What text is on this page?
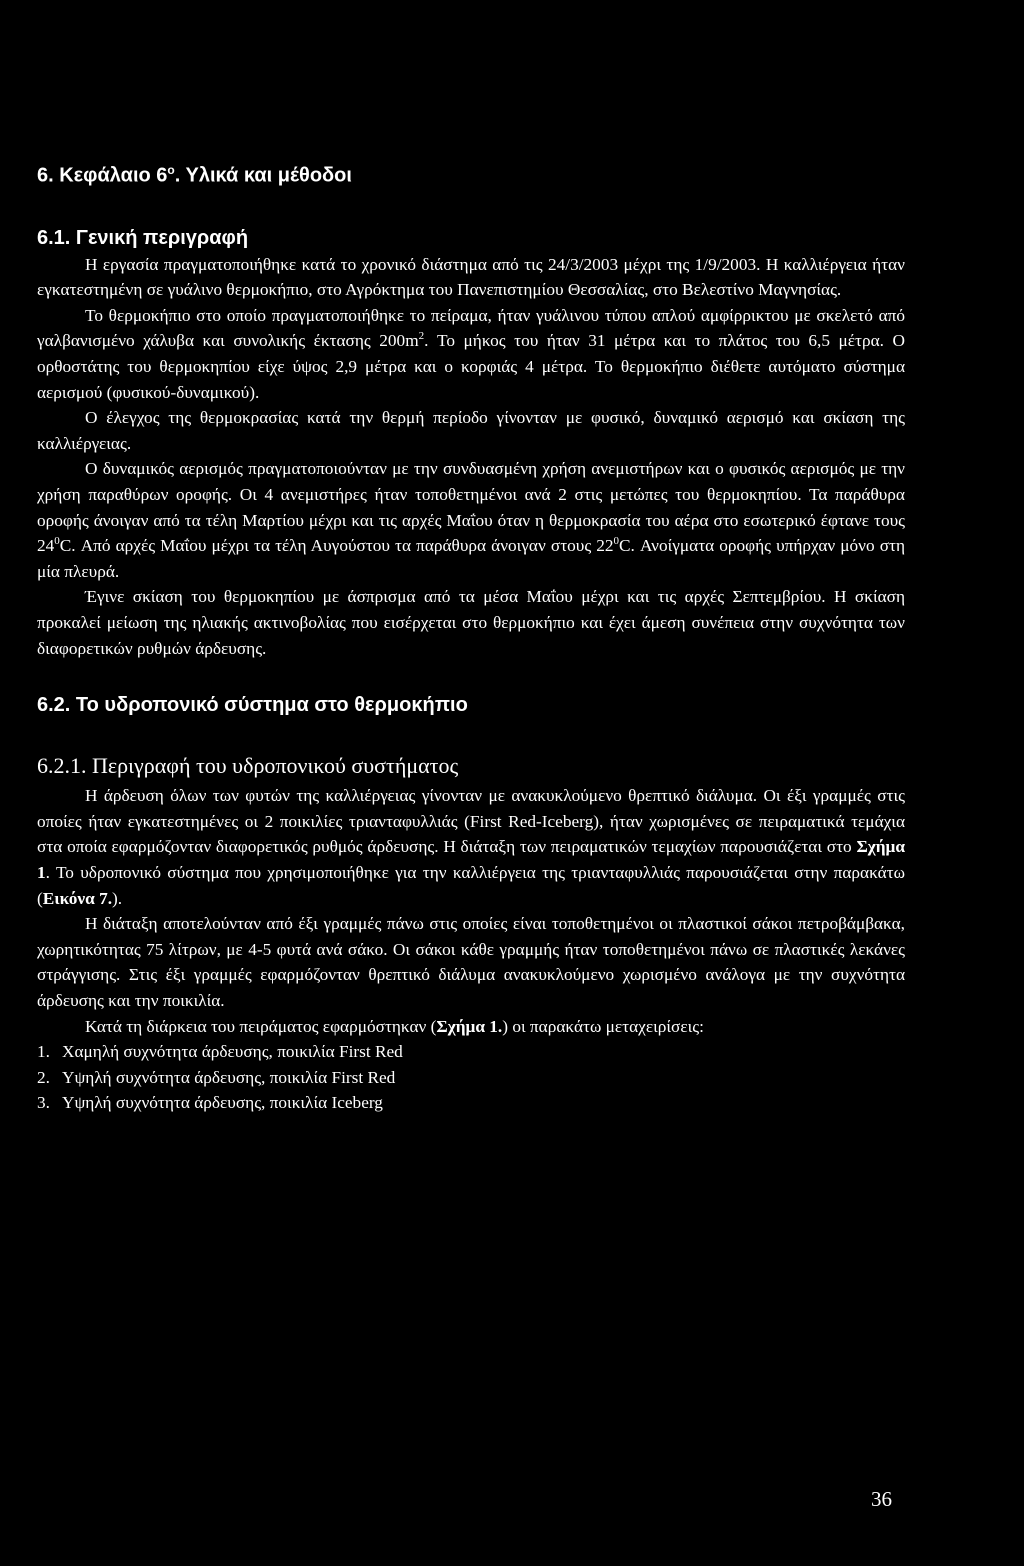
6. Κεφάλαιο $6^o$. Υλικά και μέθοδοι
6.1. Γενική περιγραφή

Η εργασία πραγματοποιήθηκε κατά το χρονικό διάστημα από τις 24/3/2003 μέχρι της 1/9/2003. Η καλλιέργεια ήταν εγκατεστημένη σε γυάλινο θερμοκήπιο, στο Αγρόκτημα του Πανεπιστημίου Θεσσαλίας, στο Βελεστίνο Μαγνησίας.

Το θερμοκήπιο στο οποίο πραγματοποιήθηκε το πείραμα, ήταν γυάλινου τύπου απλού αμφίρρικτου με σκελετό από γαλβανισμένο χάλυβα και συνολικής έκτασης $200m^2$. Το μήκος του ήταν 31 μέτρα και το πλάτος του 6,5 μέτρα. Ο ορθοστάτης του θερμοκηπίου είχε ύψος 2,9 μέτρα και ο κορφιάς 4 μέτρα. Το θερμοκήπιο διέθετε αυτόματο σύστημα αερισμού (φυσικού-δυναμικού).

Ο έλεγχος της θερμοκρασίας κατά την θερμή περίοδο γίνονταν με φυσικό, δυναμικό αερισμό και σκίαση της καλλιέργειας.

Ο δυναμικός αερισμός πραγματοποιούνταν με την συνδυασμένη χρήση ανεμιστήρων και ο φυσικός αερισμός με την χρήση παραθύρων οροφής. Οι 4 ανεμιστήρες ήταν τοποθετημένοι ανά 2 στις μετώπες του θερμοκηπίου. Τα παράθυρα οροφής άνοιγαν από τα τέλη Μαρτίου μέχρι και τις αρχές Μαΐου όταν η θερμοκρασία του αέρα στο εσωτερικό έφτανε τους $24^0C$. Από αρχές Μαΐου μέχρι τα τέλη Αυγούστου τα παράθυρα άνοιγαν στους $22^0C$. Ανοίγματα οροφής υπήρχαν μόνο στη μία πλευρά.

Έγινε σκίαση του θερμοκηπίου με άσπρισμα από τα μέσα Μαΐου μέχρι και τις αρχές Σεπτεμβρίου. Η σκίαση προκαλεί μείωση της ηλιακής ακτινοβολίας που εισέρχεται στο θερμοκήπιο και έχει άμεση συνέπεια στην συχνότητα των διαφορετικών ρυθμών άρδευσης.

6.2. Το υδροπονικό σύστημα στο θερμοκήπιο
6.2.1. Περιγραφή του υδροπονικού συστήματος

Η άρδευση όλων των φυτών της καλλιέργειας γίνονταν με ανακυκλούμενο θρεπτικό διάλυμα. Οι έξι γραμμές στις οποίες ήταν εγκατεστημένες οι 2 ποικιλίες τριανταφυλλιάς (First Red-Iceberg), ήταν χωρισμένες σε πειραματικά τεμάχια στα οποία εφαρμόζονταν διαφορετικός ρυθμός άρδευσης. Η διάταξη των πειραματικών τεμαχίων παρουσιάζεται στο Σχήμα 1. Το υδροπονικό σύστημα που χρησιμοποιήθηκε για την καλλιέργεια της τριανταφυλλιάς παρουσιάζεται στην παρακάτω (Εικόνα 7.).

Η διάταξη αποτελούνταν από έξι γραμμές πάνω στις οποίες είναι τοποθετημένοι οι πλαστικοί σάκοι πετροβάμβακα, χωρητικότητας 75 λίτρων, με 4-5 φυτά ανά σάκο. Οι σάκοι κάθε γραμμής ήταν τοποθετημένοι πάνω σε πλαστικές λεκάνες στράγγισης. Στις έξι γραμμές εφαρμόζονταν θρεπτικό διάλυμα ανακυκλούμενο χωρισμένο ανάλογα με την συχνότητα άρδευσης και την ποικιλία.

Κατά τη διάρκεια του πειράματος εφαρμόστηκαν (Σχήμα 1.) οι παρακάτω μεταχειρίσεις:

1. Χαμηλή συχνότητα άρδευσης, ποικιλία First Red
2. Υψηλή συχνότητα άρδευσης, ποικιλία First Red
3. Υψηλή συχνότητα άρδευσης, ποικιλία Iceberg
36
